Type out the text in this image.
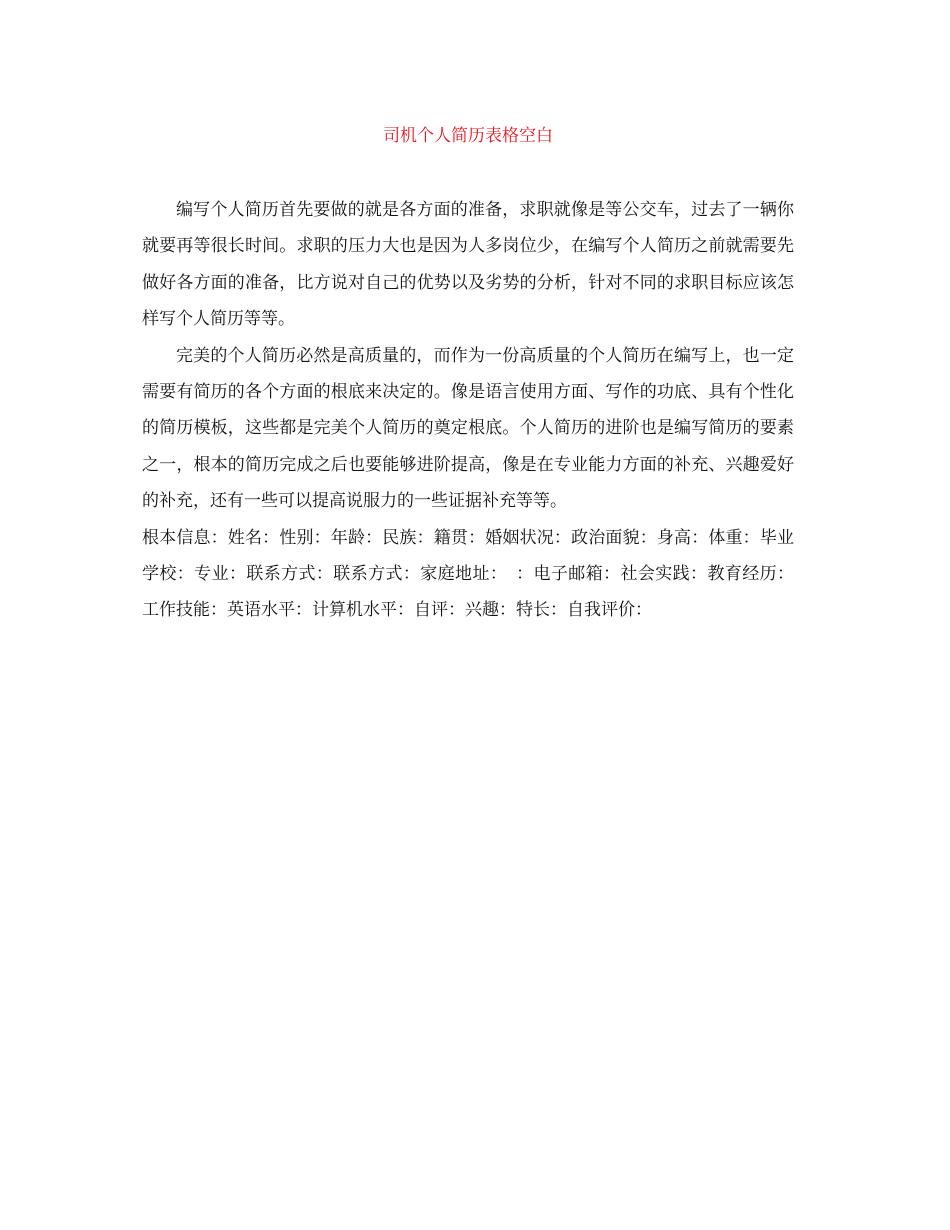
司机个人简历表格空白

编写个人简历首先要做的就是各方面的准备，求职就像是等公交车，过去了一辆你就要再等很长时间。求职的压力大也是因为人多岗位少，在编写个人简历之前就需要先做好各方面的准备，比方说对自己的优势以及劣势的分析，针对不同的求职目标应该怎样写个人简历等等。

完美的个人简历必然是高质量的，而作为一份高质量的个人简历在编写上，也一定需要有简历的各个方面的根底来决定的。像是语言使用方面、写作的功底、具有个性化的简历模板，这些都是完美个人简历的奠定根底。个人简历的进阶也是编写简历的要素之一，根本的简历完成之后也要能够进阶提高，像是在专业能力方面的补充、兴趣爱好的补充，还有一些可以提高说服力的一些证据补充等等。

根本信息：姓名：性别：年龄：民族：籍贯：婚姻状况：政治面貌：身高：体重：毕业学校：专业：联系方式：联系方式：家庭地址：　：电子邮箱：社会实践：教育经历：工作技能：英语水平：计算机水平：自评：兴趣：特长：自我评价：
